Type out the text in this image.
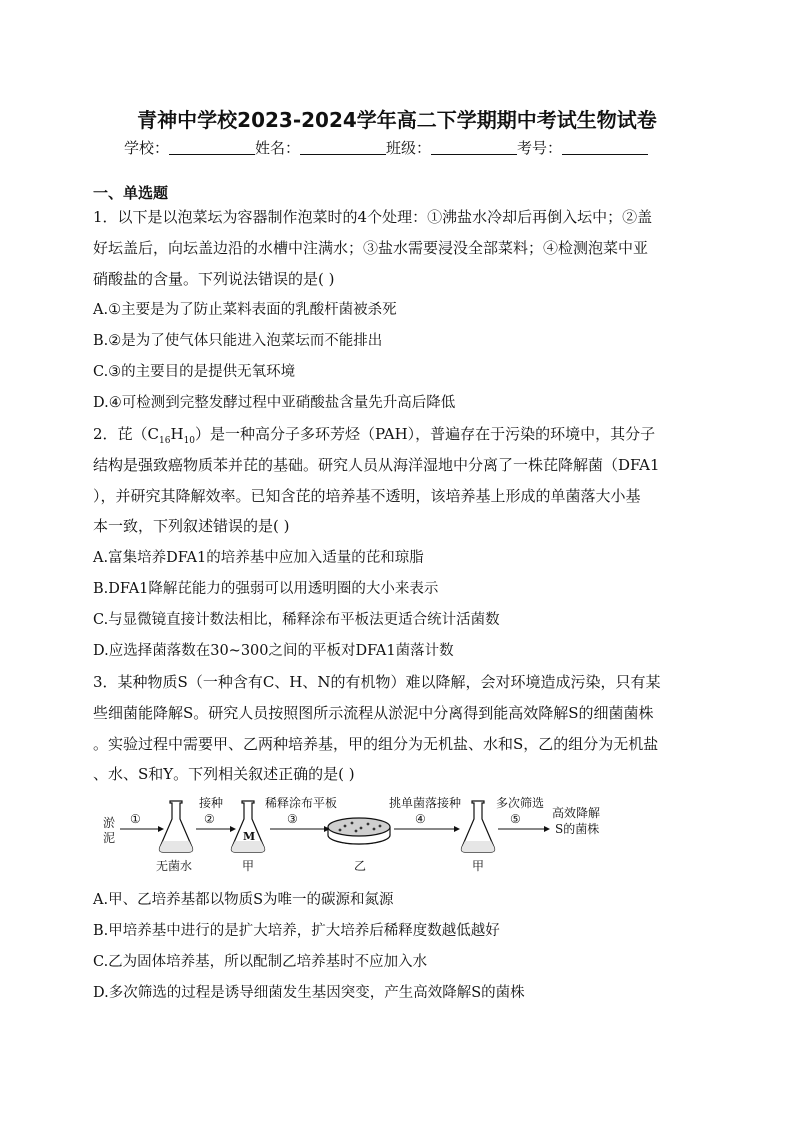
青神中学校2023-2024学年高二下学期期中考试生物试卷
学校：	姓名：	班级：	考号：
一、单选题
1．以下是以泡菜坛为容器制作泡菜时的4个处理：①沸盐水冷却后再倒入坛中；②盖
好坛盖后，向坛盖边沿的水槽中注满水；③盐水需要浸没全部菜料；④检测泡菜中亚
硝酸盐的含量。下列说法错误的是( )
A.①主要是为了防止菜料表面的乳酸杆菌被杀死
B.②是为了使气体只能进入泡菜坛而不能排出
C.③的主要目的是提供无氧环境
D.④可检测到完整发酵过程中亚硝酸盐含量先升高后降低
2．芘$(C_{16}H_{10})$是一种高分子多环芳烃（PAH），普遍存在于污染的环境中，其分子
结构是强致癌物质苯并芘的基础。研究人员从海洋湿地中分离了一株芘降解菌（DFA1
），并研究其降解效率。已知含芘的培养基不透明，该培养基上形成的单菌落大小基
本一致，下列叙述错误的是( )
A.富集培养DFA1的培养基中应加入适量的芘和琼脂
B.DFA1降解芘能力的强弱可以用透明圈的大小来表示
C.与显微镜直接计数法相比，稀释涂布平板法更适合统计活菌数
D.应选择菌落数在30~300之间的平板对DFA1菌落计数
3．某种物质S（一种含有C、H、N的有机物）难以降解，会对环境造成污染，只有某
些细菌能降解S。研究人员按照图所示流程从淤泥中分离得到能高效降解S的细菌菌株
。实验过程中需要甲、乙两种培养基，甲的组分为无机盐、水和S，乙的组分为无机盐
、水、S和Y。下列相关叙述正确的是( )
淤
泥
①
无菌水
接种
②
M
甲
稀释涂布平板
③
乙
挑单菌落接种
④
甲
多次筛选
⑤	高效降解
S的菌株
A.甲、乙培养基都以物质S为唯一的碳源和氮源
B.甲培养基中进行的是扩大培养，扩大培养后稀释度数越低越好
C.乙为固体培养基，所以配制乙培养基时不应加入水
D.多次筛选的过程是诱导细菌发生基因突变，产生高效降解S的菌株
